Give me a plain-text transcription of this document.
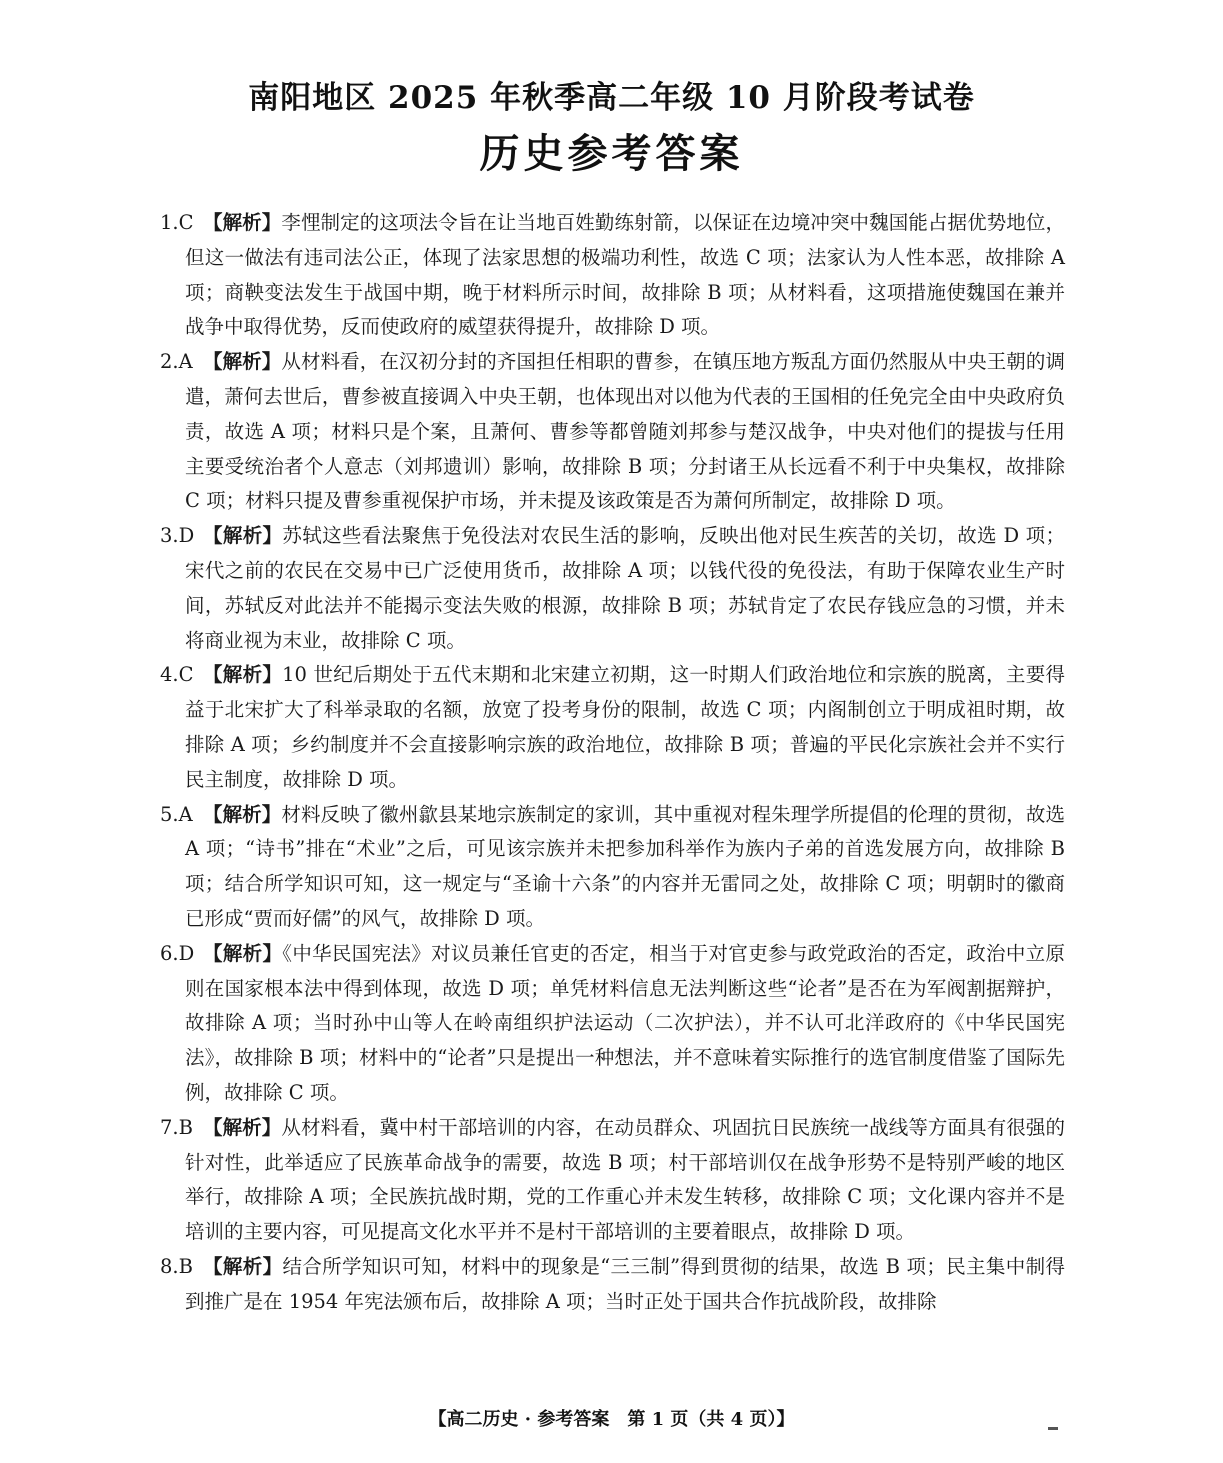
南阳地区 2025 年秋季高二年级 10 月阶段考试卷
历史参考答案

1.C 【解析】李悝制定的这项法令旨在让当地百姓勤练射箭，以保证在边境冲突中魏国能占据优势地位，但这一做法有违司法公正，体现了法家思想的极端功利性，故选 C 项；法家认为人性本恶，故排除 A 项；商鞅变法发生于战国中期，晚于材料所示时间，故排除 B 项；从材料看，这项措施使魏国在兼并战争中取得优势，反而使政府的威望获得提升，故排除 D 项。

2.A 【解析】从材料看，在汉初分封的齐国担任相职的曹参，在镇压地方叛乱方面仍然服从中央王朝的调遣，萧何去世后，曹参被直接调入中央王朝，也体现出对以他为代表的王国相的任免完全由中央政府负责，故选 A 项；材料只是个案，且萧何、曹参等都曾随刘邦参与楚汉战争，中央对他们的提拔与任用主要受统治者个人意志（刘邦遗训）影响，故排除 B 项；分封诸王从长远看不利于中央集权，故排除 C 项；材料只提及曹参重视保护市场，并未提及该政策是否为萧何所制定，故排除 D 项。

3.D 【解析】苏轼这些看法聚焦于免役法对农民生活的影响，反映出他对民生疾苦的关切，故选 D 项；宋代之前的农民在交易中已广泛使用货币，故排除 A 项；以钱代役的免役法，有助于保障农业生产时间，苏轼反对此法并不能揭示变法失败的根源，故排除 B 项；苏轼肯定了农民存钱应急的习惯，并未将商业视为末业，故排除 C 项。

4.C 【解析】10 世纪后期处于五代末期和北宋建立初期，这一时期人们政治地位和宗族的脱离，主要得益于北宋扩大了科举录取的名额，放宽了投考身份的限制，故选 C 项；内阁制创立于明成祖时期，故排除 A 项；乡约制度并不会直接影响宗族的政治地位，故排除 B 项；普遍的平民化宗族社会并不实行民主制度，故排除 D 项。

5.A 【解析】材料反映了徽州歙县某地宗族制定的家训，其中重视对程朱理学所提倡的伦理的贯彻，故选 A 项；“诗书”排在“术业”之后，可见该宗族并未把参加科举作为族内子弟的首选发展方向，故排除 B 项；结合所学知识可知，这一规定与“圣谕十六条”的内容并无雷同之处，故排除 C 项；明朝时的徽商已形成“贾而好儒”的风气，故排除 D 项。

6.D 【解析】《中华民国宪法》对议员兼任官吏的否定，相当于对官吏参与政党政治的否定，政治中立原则在国家根本法中得到体现，故选 D 项；单凭材料信息无法判断这些“论者”是否在为军阀割据辩护，故排除 A 项；当时孙中山等人在岭南组织护法运动（二次护法），并不认可北洋政府的《中华民国宪法》，故排除 B 项；材料中的“论者”只是提出一种想法，并不意味着实际推行的选官制度借鉴了国际先例，故排除 C 项。

7.B 【解析】从材料看，冀中村干部培训的内容，在动员群众、巩固抗日民族统一战线等方面具有很强的针对性，此举适应了民族革命战争的需要，故选 B 项；村干部培训仅在战争形势不是特别严峻的地区举行，故排除 A 项；全民族抗战时期，党的工作重心并未发生转移，故排除 C 项；文化课内容并不是培训的主要内容，可见提高文化水平并不是村干部培训的主要着眼点，故排除 D 项。

8.B 【解析】结合所学知识可知，材料中的现象是“三三制”得到贯彻的结果，故选 B 项；民主集中制得到推广是在 1954 年宪法颁布后，故排除 A 项；当时正处于国共合作抗战阶段，故排除

【高二历史 · 参考答案　第 1 页（共 4 页）】
